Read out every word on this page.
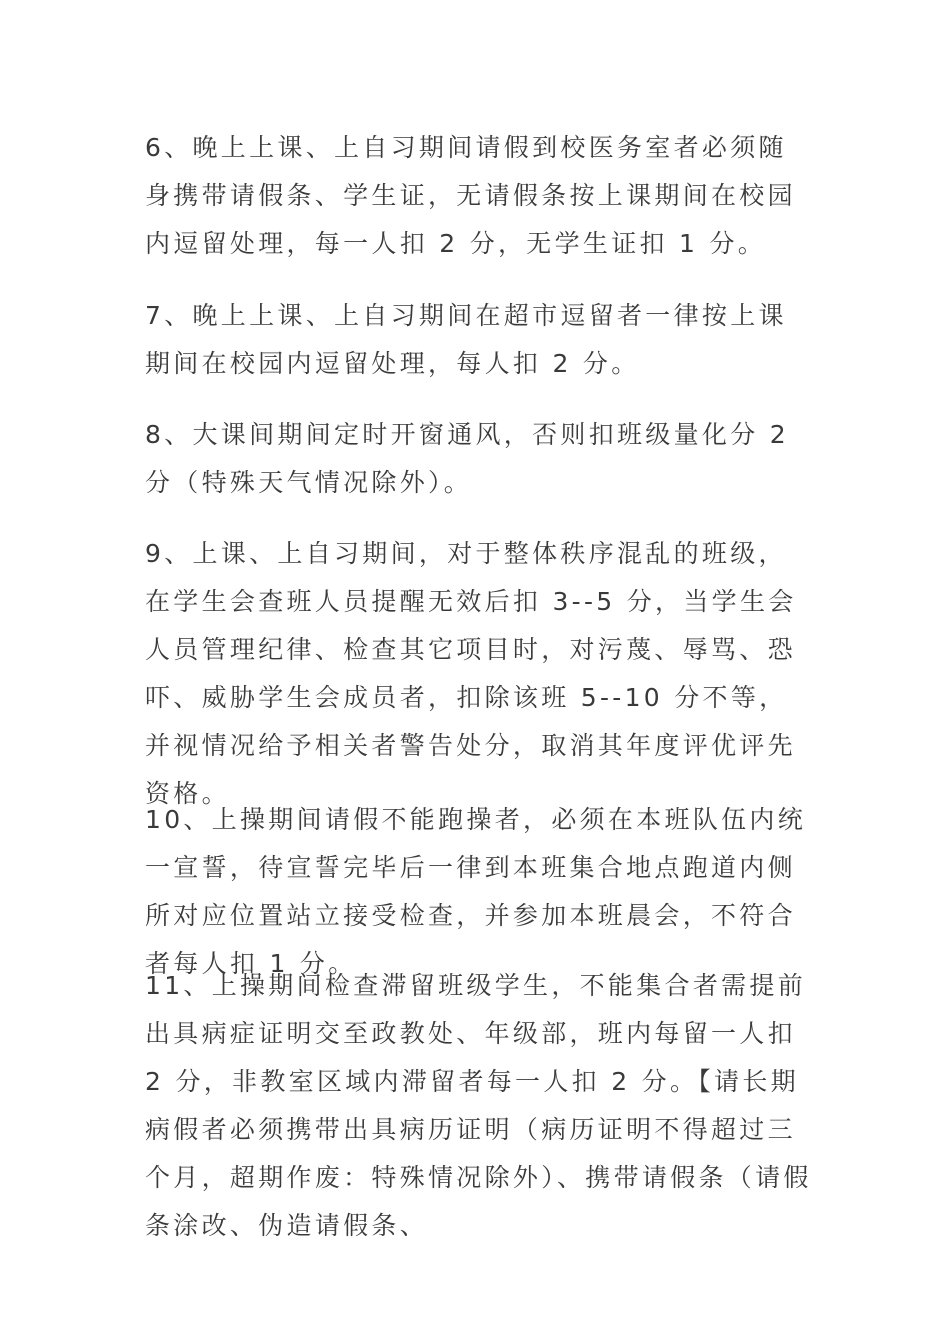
6、晚上上课、上自习期间请假到校医务室者必须随身携带请假条、学生证，无请假条按上课期间在校园内逗留处理，每一人扣 2 分，无学生证扣 1 分。

7、晚上上课、上自习期间在超市逗留者一律按上课期间在校园内逗留处理，每人扣 2 分。

8、大课间期间定时开窗通风，否则扣班级量化分 2分（特殊天气情况除外）。

9、上课、上自习期间，对于整体秩序混乱的班级，在学生会查班人员提醒无效后扣 3--5 分，当学生会人员管理纪律、检查其它项目时，对污蔑、辱骂、恐吓、威胁学生会成员者，扣除该班 5--10 分不等，并视情况给予相关者警告处分，取消其年度评优评先资格。

10、上操期间请假不能跑操者，必须在本班队伍内统一宣誓，待宣誓完毕后一律到本班集合地点跑道内侧所对应位置站立接受检查，并参加本班晨会，不符合者每人扣 1 分。

11、上操期间检查滞留班级学生，不能集合者需提前出具病症证明交至政教处、年级部，班内每留一人扣2 分，非教室区域内滞留者每一人扣 2 分。【请长期病假者必须携带出具病历证明（病历证明不得超过三个月，超期作废：特殊情况除外）、携带请假条（请假条涂改、伪造请假条、
